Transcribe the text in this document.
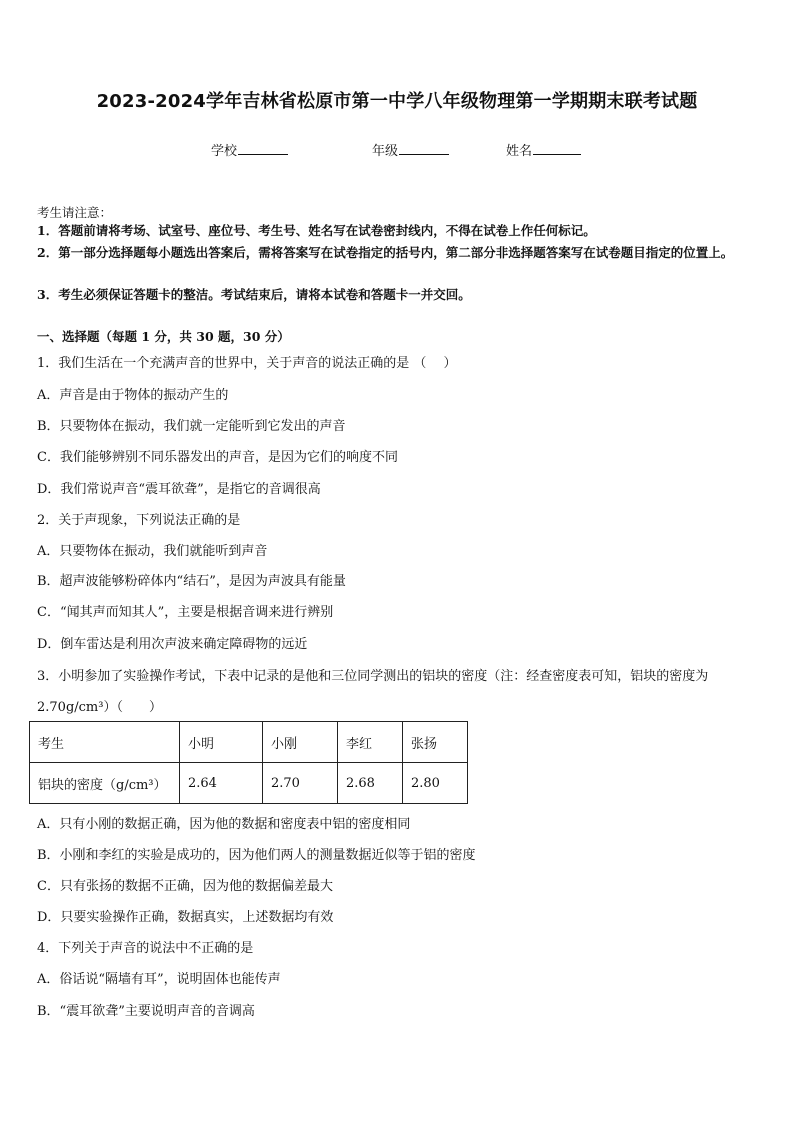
2023-2024学年吉林省松原市第一中学八年级物理第一学期期末联考试题
学校	年级	姓名
考生请注意：
1．答题前请将考场、试室号、座位号、考生号、姓名写在试卷密封线内，不得在试卷上作任何标记。
2．第一部分选择题每小题选出答案后，需将答案写在试卷指定的括号内，第二部分非选择题答案写在试卷题目指定的位置上。
3．考生必须保证答题卡的整洁。考试结束后，请将本试卷和答题卡一并交回。
一、选择题（每题 1 分，共 30 题，30 分）
1．我们生活在一个充满声音的世界中，关于声音的说法正确的是 （　 ）
A．声音是由于物体的振动产生的
B．只要物体在振动，我们就一定能听到它发出的声音
C．我们能够辨别不同乐器发出的声音，是因为它们的响度不同
D．我们常说声音“震耳欲聋”，是指它的音调很高
2．关于声现象，下列说法正确的是
A．只要物体在振动，我们就能听到声音
B．超声波能够粉碎体内“结石”，是因为声波具有能量
C．“闻其声而知其人”，主要是根据音调来进行辨别
D．倒车雷达是利用次声波来确定障碍物的远近
3．小明参加了实验操作考试，下表中记录的是他和三位同学测出的铝块的密度（注：经查密度表可知，铝块的密度为
2.70g/cm³）（　　）
考生	小明	小刚	李红	张扬
铝块的密度（g/cm³）	2.64	2.70	2.68	2.80
A．只有小刚的数据正确，因为他的数据和密度表中铝的密度相同
B．小刚和李红的实验是成功的，因为他们两人的测量数据近似等于铝的密度
C．只有张扬的数据不正确，因为他的数据偏差最大
D．只要实验操作正确，数据真实，上述数据均有效
4．下列关于声音的说法中不正确的是
A．俗话说“隔墙有耳”，说明固体也能传声
B．“震耳欲聋”主要说明声音的音调高
